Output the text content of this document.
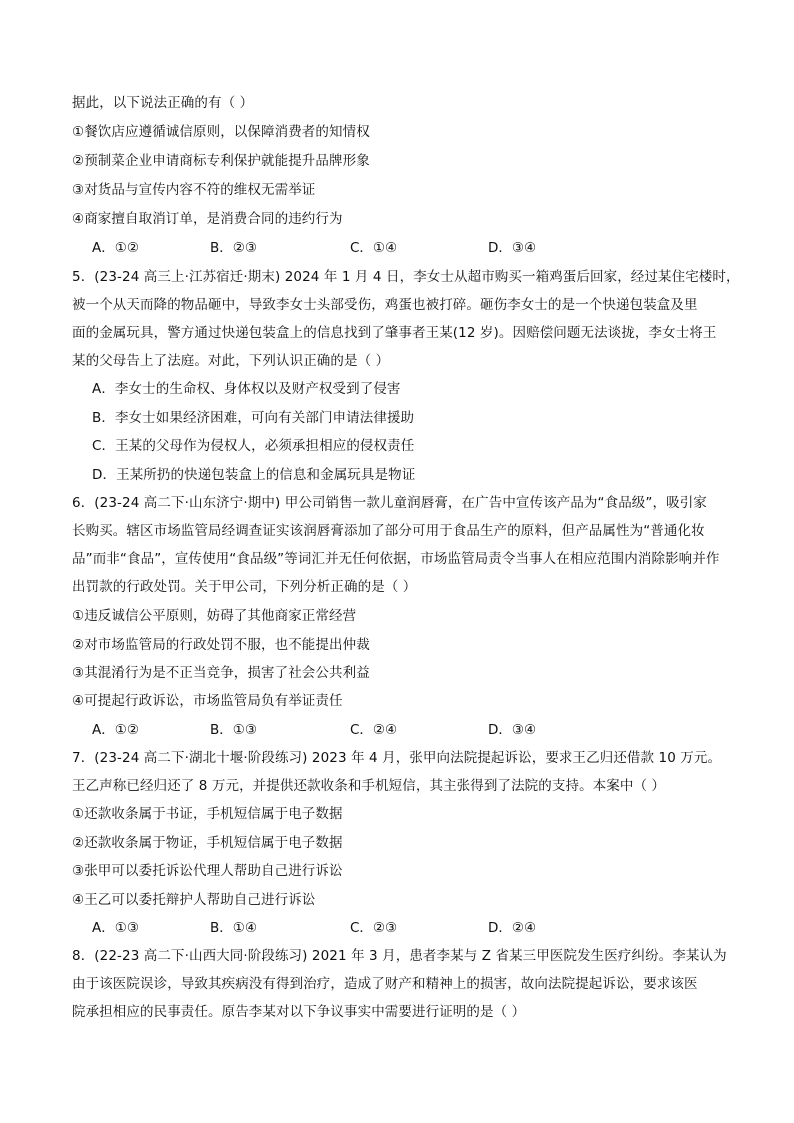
据此，以下说法正确的有（ ）
①餐饮店应遵循诚信原则，以保障消费者的知情权
②预制菜企业申请商标专利保护就能提升品牌形象
③对货品与宣传内容不符的维权无需举证
④商家擅自取消订单，是消费合同的违约行为
A．①②	B．②③	C．①④	D．③④
5．(23-24 高三上·江苏宿迁·期末) 2024 年 1 月 4 日，李女士从超市购买一箱鸡蛋后回家，经过某住宅楼时，
被一个从天而降的物品砸中，导致李女士头部受伤，鸡蛋也被打碎。砸伤李女士的是一个快递包装盒及里
面的金属玩具，警方通过快递包装盒上的信息找到了肇事者王某(12 岁)。因赔偿问题无法谈拢，李女士将王
某的父母告上了法庭。对此，下列认识正确的是（ ）
A．李女士的生命权、身体权以及财产权受到了侵害
B．李女士如果经济困难，可向有关部门申请法律援助
C．王某的父母作为侵权人，必须承担相应的侵权责任
D．王某所扔的快递包装盒上的信息和金属玩具是物证
6．(23-24 高二下·山东济宁·期中) 甲公司销售一款儿童润唇膏，在广告中宣传该产品为“食品级”，吸引家
长购买。辖区市场监管局经调查证实该润唇膏添加了部分可用于食品生产的原料，但产品属性为“普通化妆
品”而非“食品”，宣传使用“食品级”等词汇并无任何依据，市场监管局责令当事人在相应范围内消除影响并作
出罚款的行政处罚。关于甲公司，下列分析正确的是（ ）
①违反诚信公平原则，妨碍了其他商家正常经营
②对市场监管局的行政处罚不服，也不能提出仲裁
③其混淆行为是不正当竞争，损害了社会公共利益
④可提起行政诉讼，市场监管局负有举证责任
A．①②	B．①③	C．②④	D．③④
7．(23-24 高二下·湖北十堰·阶段练习) 2023 年 4 月，张甲向法院提起诉讼，要求王乙归还借款 10 万元。
王乙声称已经归还了 8 万元，并提供还款收条和手机短信，其主张得到了法院的支持。本案中（ ）
①还款收条属于书证，手机短信属于电子数据
②还款收条属于物证，手机短信属于电子数据
③张甲可以委托诉讼代理人帮助自己进行诉讼
④王乙可以委托辩护人帮助自己进行诉讼
A．①③	B．①④	C．②③	D．②④
8．(22-23 高二下·山西大同·阶段练习) 2021 年 3 月，患者李某与 Z 省某三甲医院发生医疗纠纷。李某认为
由于该医院误诊，导致其疾病没有得到治疗，造成了财产和精神上的损害，故向法院提起诉讼，要求该医
院承担相应的民事责任。原告李某对以下争议事实中需要进行证明的是（ ）
